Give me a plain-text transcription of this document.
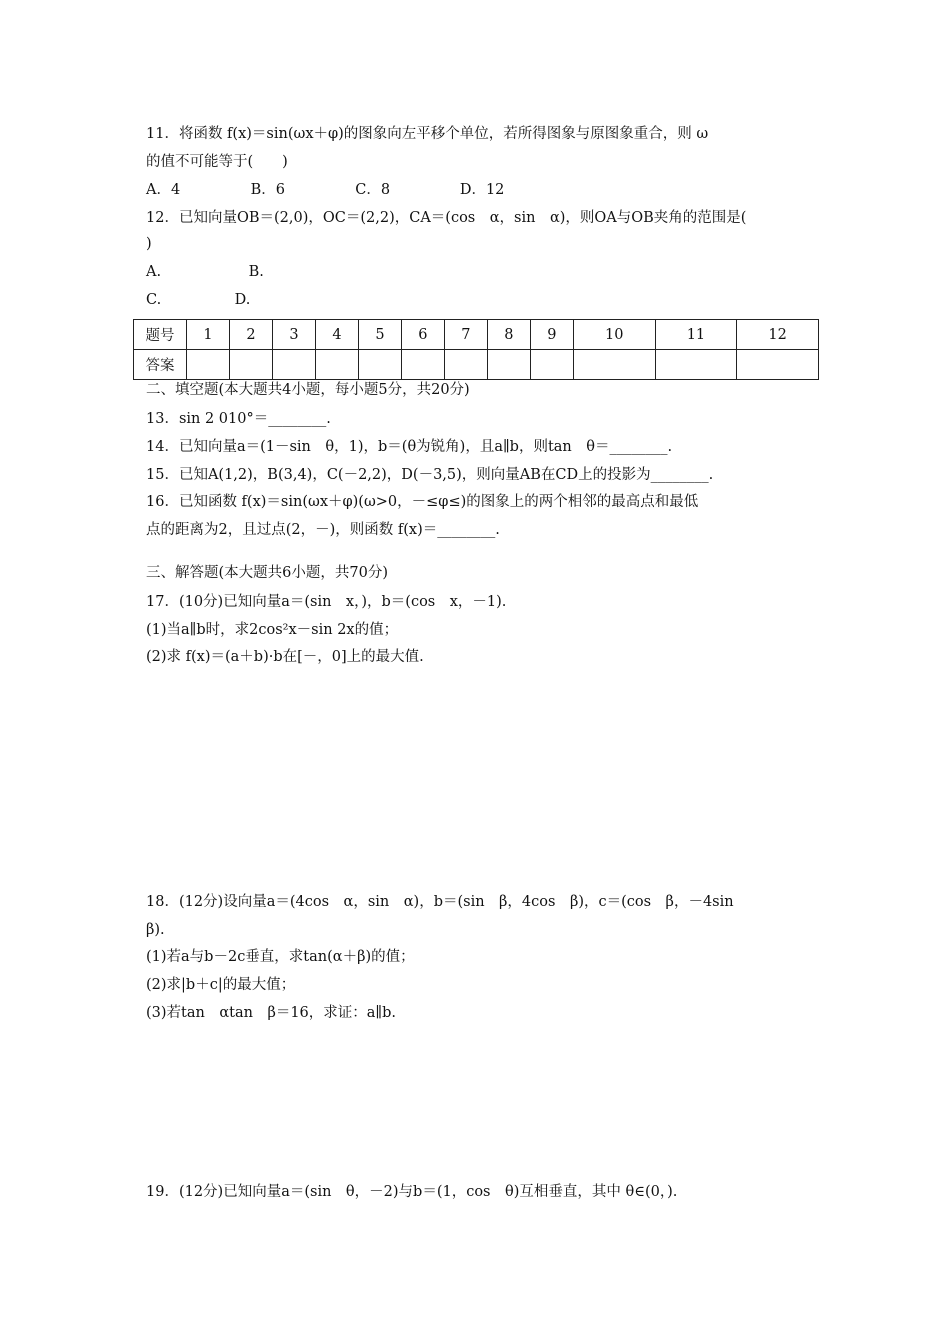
11．将函数 f(x)＝sin(ωx＋φ)的图象向左平移个单位，若所得图象与原图象重合，则 ω
的值不可能等于(　　)
A．4	B．6	C．8	D．12
12．已知向量OB＝(2,0)，OC＝(2,2)，CA＝(cos　α，sin　α)，则OA与OB夹角的范围是(
)
A.	B.
C.	D.
题号	1	2	3	4	5	6	7	8	9	10	11	12
答案												
二、填空题(本大题共4小题，每小题5分，共20分)
13．sin 2 010°＝________.
14．已知向量a＝(1－sin　θ，1)，b＝(θ为锐角)，且a∥b，则tan　θ＝________.
15．已知A(1,2)，B(3,4)，C(－2,2)，D(－3,5)，则向量AB在CD上的投影为________.
16．已知函数 f(x)＝sin(ωx＋φ)(ω>0，－≤φ≤)的图象上的两个相邻的最高点和最低
点的距离为2，且过点(2，－)，则函数 f(x)＝________.
三、解答题(本大题共6小题，共70分)
17．(10分)已知向量a＝(sin　x，)，b＝(cos　x，－1).
(1)当a∥b时，求2cos²x－sin 2x的值；
(2)求 f(x)＝(a＋b)·b在[－，0]上的最大值.
18．(12分)设向量a＝(4cos　α，sin　α)，b＝(sin　β，4cos　β)，c＝(cos　β，－4sin
β).
(1)若a与b－2c垂直，求tan(α＋β)的值；
(2)求|b＋c|的最大值；
(3)若tan　αtan　β＝16，求证：a∥b.
19．(12分)已知向量a＝(sin　θ，－2)与b＝(1，cos　θ)互相垂直，其中 θ∈(0，).
